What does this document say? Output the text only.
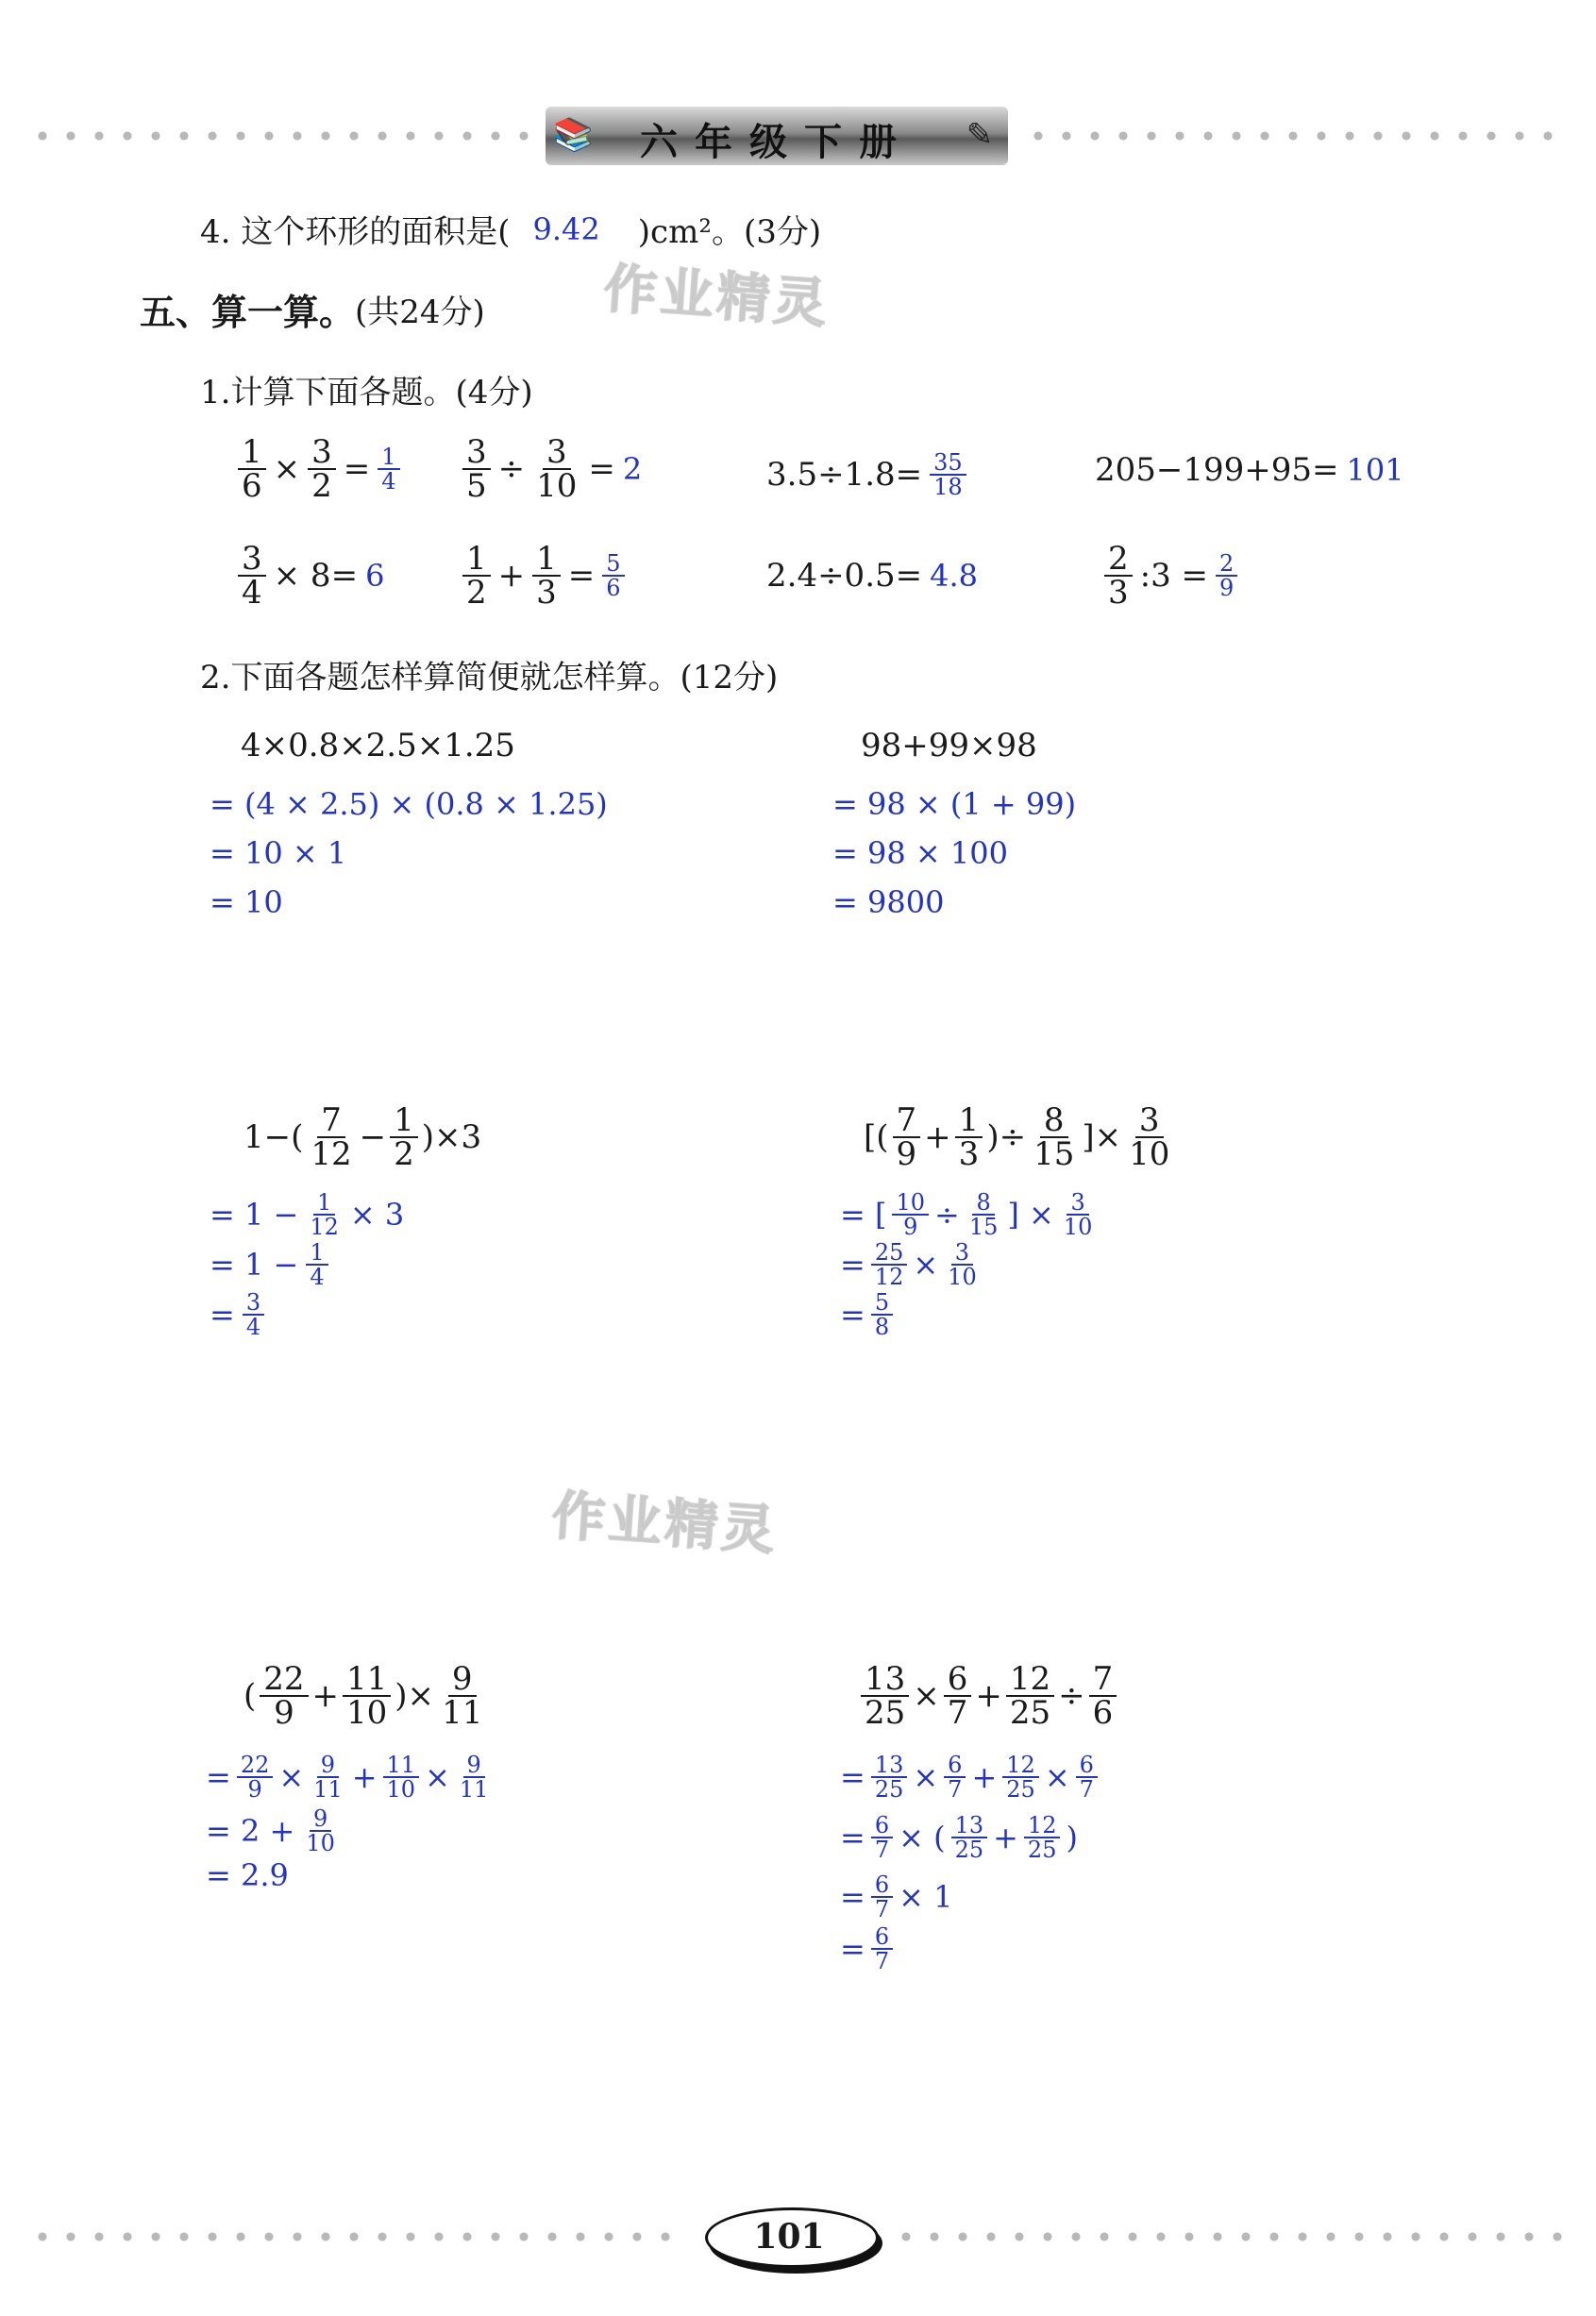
📚 六年级下册 ✎
4. 这个环形的面积是( 9.42 )cm²。(3分)
五、算一算。 (共24分) 作业精灵
1.计算下面各题。(4分)
$\frac{1}{6} \times \frac{3}{2} = \frac{1}{4} \frac{3}{5} \div \frac{3}{10} = 2$	$3.5\div 1.8= \frac{35}{18}$	205−199+95= 101
$\frac{3}{4} \times 8= 6 \frac{1}{2} + \frac{1}{3} = \frac{5}{6}$	2.4÷0.5= 4.8	$\frac{2}{3}$ :3 = $\frac{2}{9}$
2.下面各题怎样算简便就怎样算。(12分)
4×0.8×2.5×1.25
= (4 × 2.5) × (0.8 × 1.25)
= 10 × 1
= 10
98+99×98
= 98 × (1 + 99)
= 98 × 100
= 9800
$1-( \frac{7}{12} - \frac{1}{2} )\times 3$
= $1 - \frac{1}{12} \times 3$
= $1 - \frac{1}{4}$
= $\frac{3}{4}$
[( $\frac{7}{9} + \frac{1}{3}$ )÷ $\frac{8}{15}$ ]× $\frac{3}{10}$
= [ $\frac{10}{9} \div \frac{8}{15}$ ] × $\frac{3}{10}$
= $\frac{25}{12} \times \frac{3}{10}$
= $\frac{5}{8}$
作业精灵
( $\frac{22}{9} + \frac{11}{10}$ )× $\frac{9}{11}$
= $\frac{22}{9} \times \frac{9}{11} + \frac{11}{10} \times \frac{9}{11}$
= $2 + \frac{9}{10}$
= 2.9
$\frac{13}{25} \times \frac{6}{7} + \frac{12}{25} \div \frac{7}{6}$
= $\frac{13}{25} \times \frac{6}{7} + \frac{12}{25} \times \frac{6}{7}$
= $\frac{6}{7}$ × ( $\frac{13}{25} + \frac{12}{25}$ )
= $\frac{6}{7} \times 1$
= $\frac{6}{7}$
101
